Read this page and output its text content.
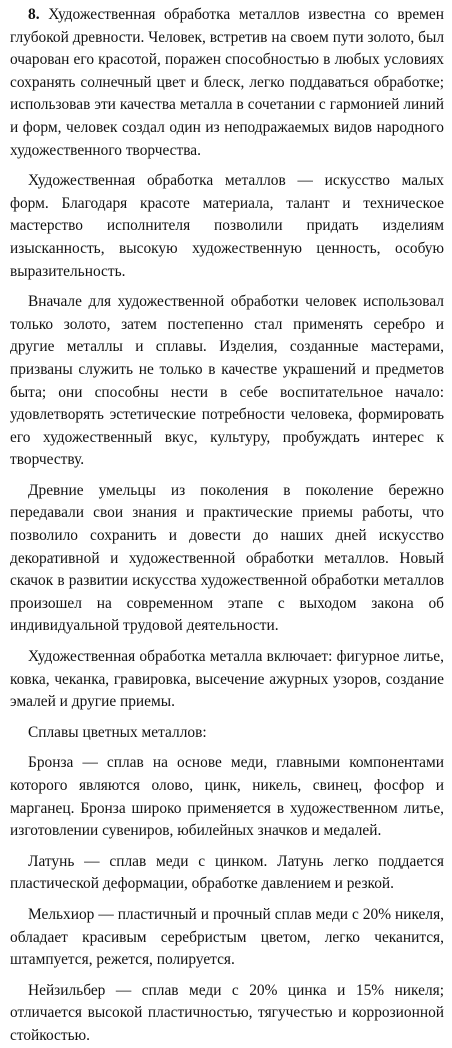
8. Художественная обработка металлов известна со времен глубокой древности. Человек, встретив на своем пути золото, был очарован его красотой, поражен способностью в любых условиях сохранять солнечный цвет и блеск, легко поддаваться обработке; использовав эти качества металла в сочетании с гармонией линий и форм, человек создал один из неподражаемых видов народного художественного творчества.

Художественная обработка металлов — искусство малых форм. Благодаря красоте материала, талант и техническое мастерство исполнителя позволили придать изделиям изысканность, высокую художественную ценность, особую выразительность.

Вначале для художественной обработки человек использовал только золото, затем постепенно стал применять серебро и другие металлы и сплавы. Изделия, созданные мастерами, призваны служить не только в качестве украшений и предметов быта; они способны нести в себе воспитательное начало: удовлетворять эстетические потребности человека, формировать его художественный вкус, культуру, пробуждать интерес к творчеству.

Древние умельцы из поколения в поколение бережно передавали свои знания и практические приемы работы, что позволило сохранить и довести до наших дней искусство декоративной и художественной обработки металлов. Новый скачок в развитии искусства художественной обработки металлов произошел на современном этапе с выходом закона об индивидуальной трудовой деятельности.

Художественная обработка металла включает: фигурное литье, ковка, чеканка, гравировка, высечение ажурных узоров, создание эмалей и другие приемы.

Сплавы цветных металлов:

Бронза — сплав на основе меди, главными компонентами которого являются олово, цинк, никель, свинец, фосфор и марганец. Бронза широко применяется в художественном литье, изготовлении сувениров, юбилейных значков и медалей.

Латунь — сплав меди с цинком. Латунь легко поддается пластической деформации, обработке давлением и резкой.

Мельхиор — пластичный и прочный сплав меди с 20% никеля, обладает красивым серебристым цветом, легко чеканится, штампуется, режется, полируется.

Нейзильбер — сплав меди с 20% цинка и 15% никеля; отличается высокой пластичностью, тягучестью и коррозионной стойкостью.
